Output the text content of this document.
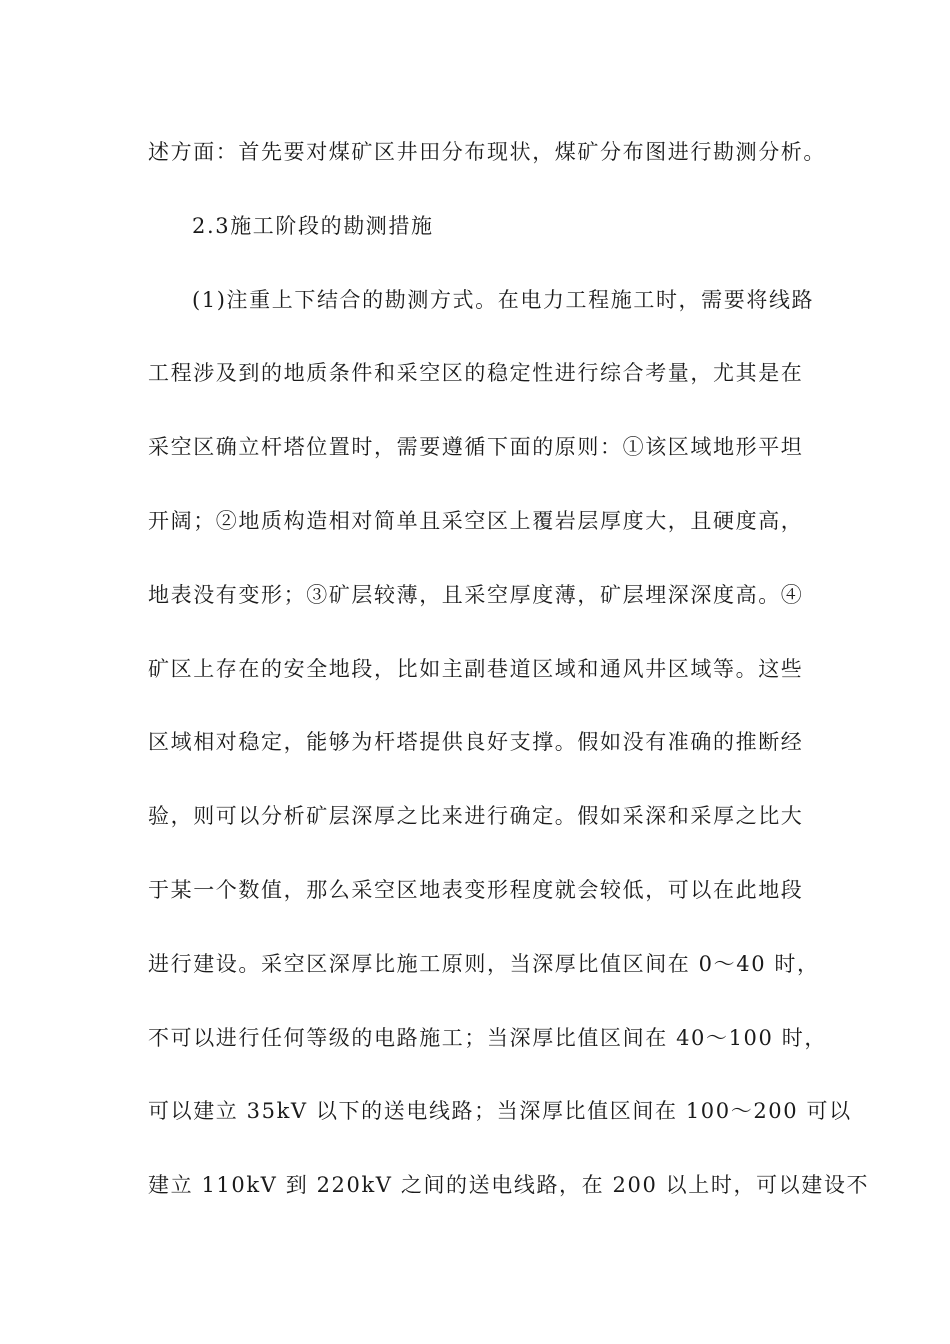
述方面：首先要对煤矿区井田分布现状，煤矿分布图进行勘测分析。
2.3施工阶段的勘测措施
(1)注重上下结合的勘测方式。在电力工程施工时，需要将线路
工程涉及到的地质条件和采空区的稳定性进行综合考量，尤其是在
采空区确立杆塔位置时，需要遵循下面的原则：①该区域地形平坦
开阔；②地质构造相对简单且采空区上覆岩层厚度大，且硬度高，
地表没有变形；③矿层较薄，且采空厚度薄，矿层埋深深度高。④
矿区上存在的安全地段，比如主副巷道区域和通风井区域等。这些
区域相对稳定，能够为杆塔提供良好支撑。假如没有准确的推断经
验，则可以分析矿层深厚之比来进行确定。假如采深和采厚之比大
于某一个数值，那么采空区地表变形程度就会较低，可以在此地段
进行建设。采空区深厚比施工原则，当深厚比值区间在 0～40 时，
不可以进行任何等级的电路施工；当深厚比值区间在 40～100 时，
可以建立 35kV 以下的送电线路；当深厚比值区间在 100～200 可以
建立 110kV 到 220kV 之间的送电线路，在 200 以上时，可以建设不
